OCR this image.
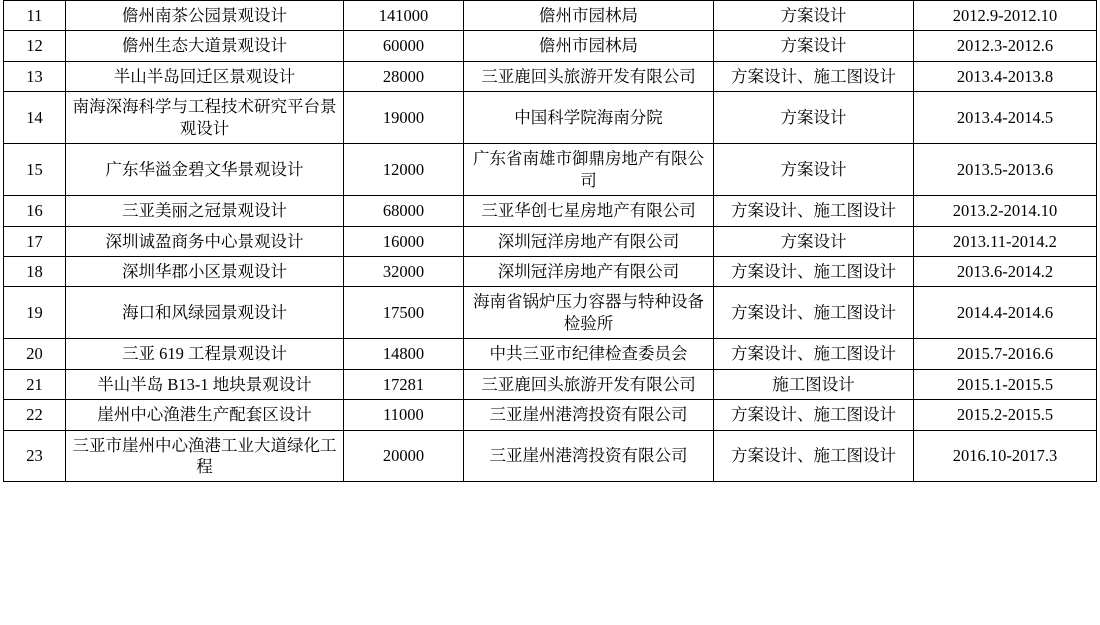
11	儋州南茶公园景观设计	141000	儋州市园林局	方案设计	2012.9-2012.10
12	儋州生态大道景观设计	60000	儋州市园林局	方案设计	2012.3-2012.6
13	半山半岛回迁区景观设计	28000	三亚鹿回头旅游开发有限公司	方案设计、施工图设计	2013.4-2013.8
14	南海深海科学与工程技术研究平台景观设计	19000	中国科学院海南分院	方案设计	2013.4-2014.5
15	广东华溢金碧文华景观设计	12000	广东省南雄市御鼎房地产有限公司	方案设计	2013.5-2013.6
16	三亚美丽之冠景观设计	68000	三亚华创七星房地产有限公司	方案设计、施工图设计	2013.2-2014.10
17	深圳诚盈商务中心景观设计	16000	深圳冠洋房地产有限公司	方案设计	2013.11-2014.2
18	深圳华郡小区景观设计	32000	深圳冠洋房地产有限公司	方案设计、施工图设计	2013.6-2014.2
19	海口和风绿园景观设计	17500	海南省锅炉压力容器与特种设备检验所	方案设计、施工图设计	2014.4-2014.6
20	三亚 619 工程景观设计	14800	中共三亚市纪律检查委员会	方案设计、施工图设计	2015.7-2016.6
21	半山半岛 B13-1 地块景观设计	17281	三亚鹿回头旅游开发有限公司	施工图设计	2015.1-2015.5
22	崖州中心渔港生产配套区设计	11000	三亚崖州港湾投资有限公司	方案设计、施工图设计	2015.2-2015.5
23	三亚市崖州中心渔港工业大道绿化工程	20000	三亚崖州港湾投资有限公司	方案设计、施工图设计	2016.10-2017.3
